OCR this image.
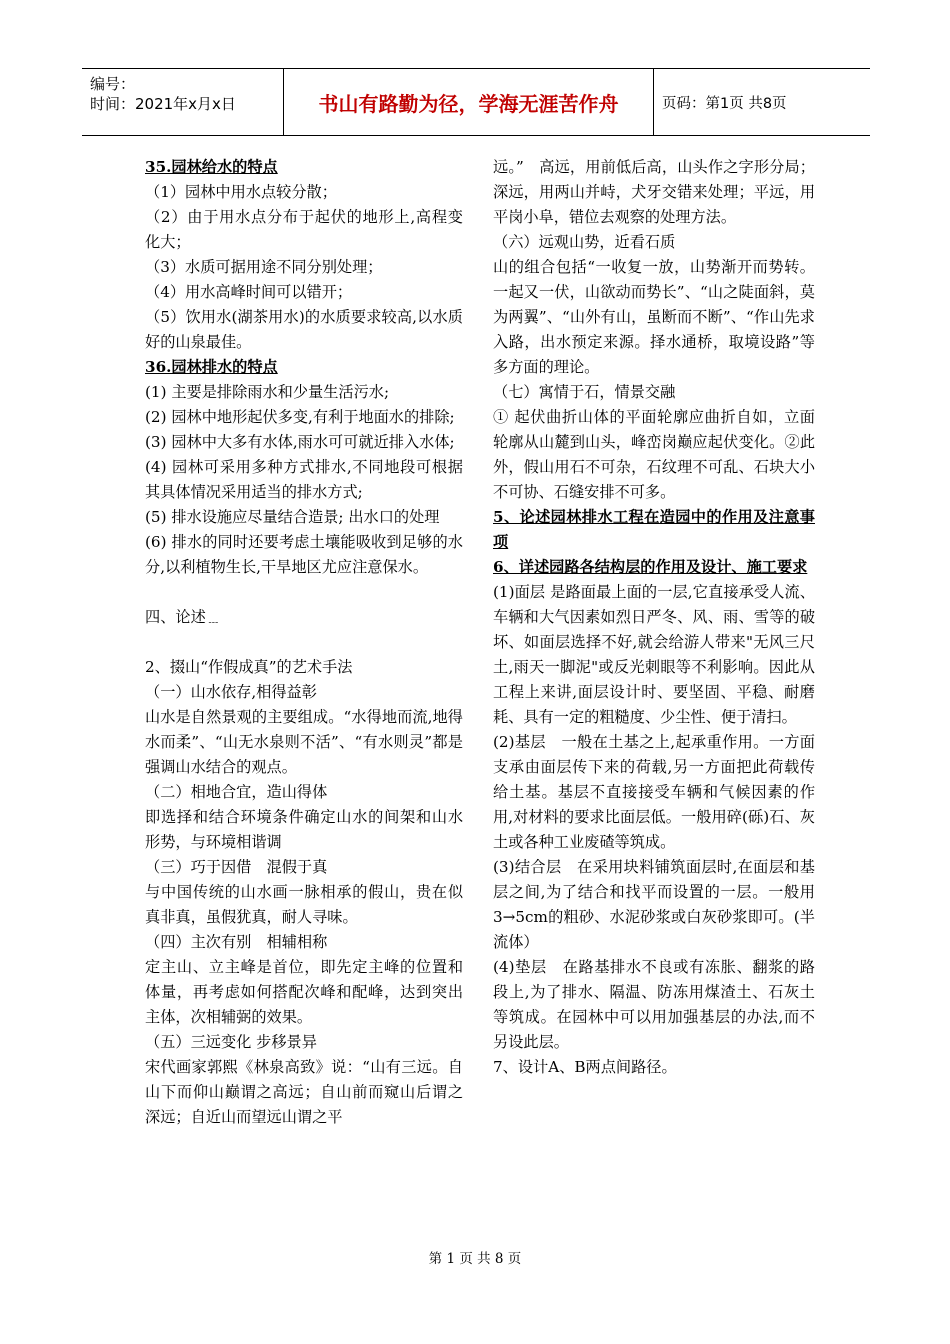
编号：
时间：2021年x月x日	书山有路勤为径，学海无涯苦作舟	页码：第1页 共8页

35.园林给水的特点

（1）园林中用水点较分散；

（2）由于用水点分布于起伏的地形上,高程变化大；

（3）水质可据用途不同分别处理；

（4）用水高峰时间可以错开；

（5）饮用水(湖茶用水)的水质要求较高,以水质好的山泉最佳。

36.园林排水的特点

(1) 主要是排除雨水和少量生活污水;

(2) 园林中地形起伏多变,有利于地面水的排除;

(3) 园林中大多有水体,雨水可可就近排入水体;

(4) 园林可采用多种方式排水,不同地段可根据其具体情况采用适当的排水方式;

(5) 排水设施应尽量结合造景; 出水口的处理

(6) 排水的同时还要考虑土壤能吸收到足够的水分,以利植物生长,干旱地区尤应注意保水。

四、论述﹍

2、掇山“作假成真”的艺术手法

（一）山水依存,相得益彰

山水是自然景观的主要组成。“水得地而流,地得水而柔”、“山无水泉则不活”、“有水则灵”都是强调山水结合的观点。

（二）相地合宜，造山得体

即选择和结合环境条件确定山水的间架和山水形势，与环境相谐调

（三）巧于因借　混假于真

与中国传统的山水画一脉相承的假山，贵在似真非真，虽假犹真，耐人寻味。

（四）主次有别　相辅相称

定主山、立主峰是首位，即先定主峰的位置和体量，再考虑如何搭配次峰和配峰，达到突出主体，次相辅弼的效果。

（五）三远变化 步移景异

宋代画家郭熙《林泉高致》说：“山有三远。自山下而仰山巅谓之高远；自山前而窥山后谓之深远；自近山而望远山谓之平

远。”　高远，用前低后高，山头作之字形分局；深远，用两山并峙，犬牙交错来处理；平远，用平岗小阜，错位去观察的处理方法。

（六）远观山势，近看石质

山的组合包括“一收复一放，山势渐开而势转。一起又一伏，山欲动而势长”、“山之陡面斜，莫为两翼”、“山外有山，虽断而不断”、“作山先求入路，出水预定来源。择水通桥，取境设路”等多方面的理论。

（七）寓情于石，情景交融

① 起伏曲折山体的平面轮廓应曲折自如，立面轮廓从山麓到山头，峰峦岗巅应起伏变化。②此外，假山用石不可杂，石纹理不可乱、石块大小不可协、石缝安排不可多。

5、论述园林排水工程在造园中的作用及注意事项

6、详述园路各结构层的作用及设计、施工要求

(1)面层 是路面最上面的一层,它直接承受人流、车辆和大气因素如烈日严冬、风、雨、雪等的破坏、如面层选择不好,就会给游人带来"无风三尺土,雨天一脚泥"或反光刺眼等不利影响。因此从工程上来讲,面层设计时、要坚固、平稳、耐磨耗、具有一定的粗糙度、少尘性、便于清扫。

(2)基层　一般在土基之上,起承重作用。一方面支承由面层传下来的荷载,另一方面把此荷载传给土基。基层不直接接受车辆和气候因素的作用,对材料的要求比面层低。一般用碎(砾)石、灰土或各种工业废碴等筑成。

(3)结合层　在采用块料铺筑面层时,在面层和基层之间,为了结合和找平而设置的一层。一般用3→5cm的粗砂、水泥砂浆或白灰砂浆即可。(半流体）

(4)垫层　在路基排水不良或有冻胀、翻浆的路段上,为了排水、隔温、防冻用煤渣土、石灰土等筑成。在园林中可以用加强基层的办法,而不另设此层。

7、设计A、B两点间路径。

第 1 页 共 8 页
